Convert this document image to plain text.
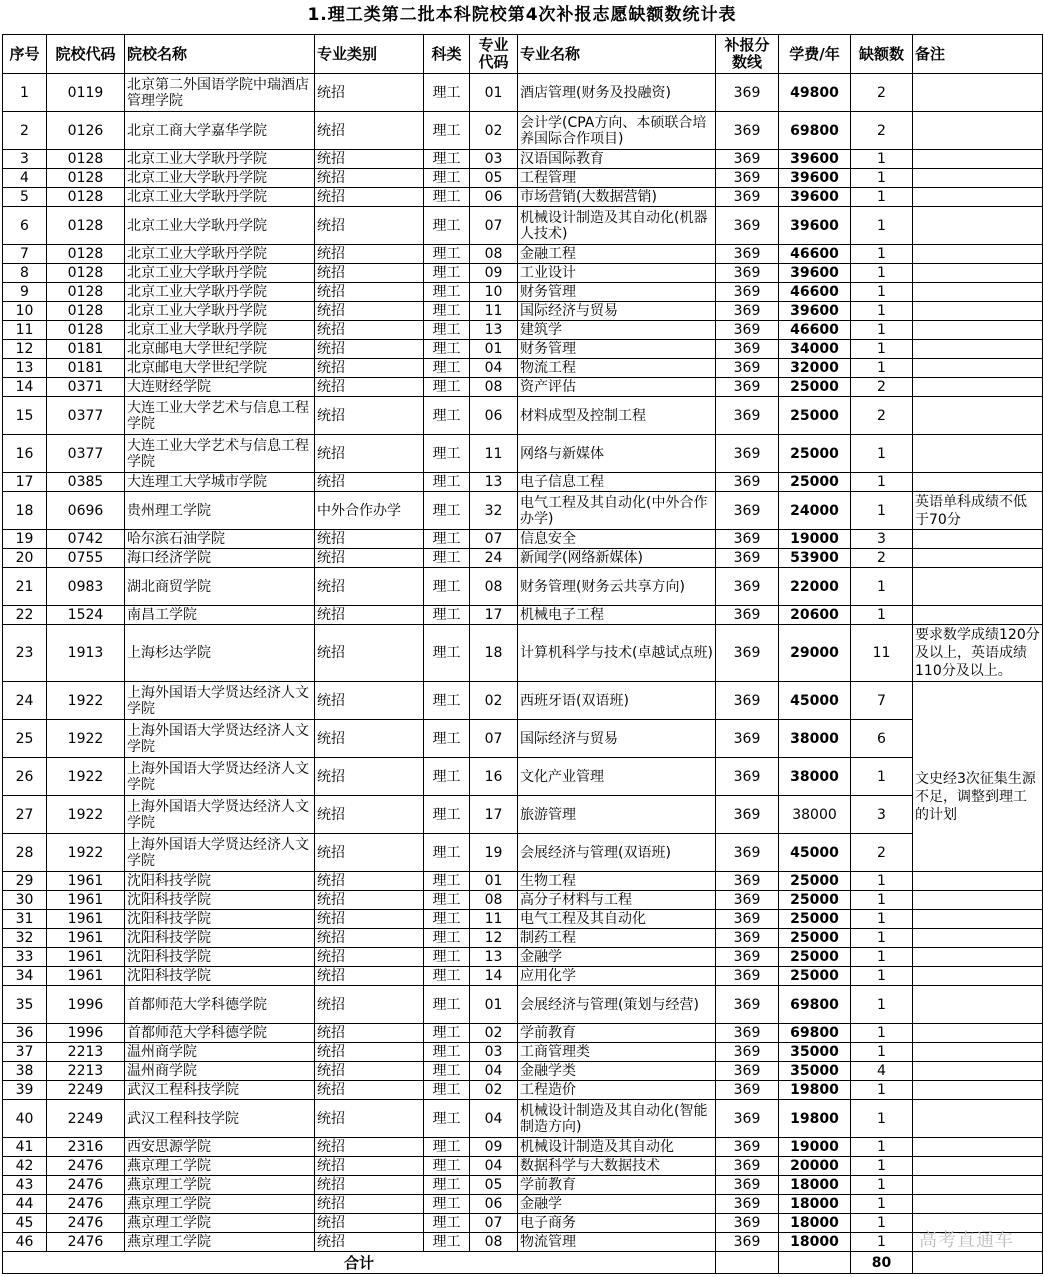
1.理工类第二批本科院校第4次补报志愿缺额数统计表
序号	院校代码	院校名称	专业类别	科类	专业代码	专业名称	补报分数线	学费/年	缺额数	备注
1	0119	北京第二外国语学院中瑞酒店管理学院	统招	理工	01	酒店管理(财务及投融资)	369	49800	2	
2	0126	北京工商大学嘉华学院	统招	理工	02	会计学(CPA方向、本硕联合培养国际合作项目)	369	69800	2	
3	0128	北京工业大学耿丹学院	统招	理工	03	汉语国际教育	369	39600	1	
4	0128	北京工业大学耿丹学院	统招	理工	05	工程管理	369	39600	1	
5	0128	北京工业大学耿丹学院	统招	理工	06	市场营销(大数据营销)	369	39600	1	
6	0128	北京工业大学耿丹学院	统招	理工	07	机械设计制造及其自动化(机器人技术)	369	39600	1	
7	0128	北京工业大学耿丹学院	统招	理工	08	金融工程	369	46600	1	
8	0128	北京工业大学耿丹学院	统招	理工	09	工业设计	369	39600	1	
9	0128	北京工业大学耿丹学院	统招	理工	10	财务管理	369	46600	1	
10	0128	北京工业大学耿丹学院	统招	理工	11	国际经济与贸易	369	39600	1	
11	0128	北京工业大学耿丹学院	统招	理工	13	建筑学	369	46600	1	
12	0181	北京邮电大学世纪学院	统招	理工	01	财务管理	369	34000	1	
13	0181	北京邮电大学世纪学院	统招	理工	04	物流工程	369	32000	1	
14	0371	大连财经学院	统招	理工	08	资产评估	369	25000	2	
15	0377	大连工业大学艺术与信息工程学院	统招	理工	06	材料成型及控制工程	369	25000	2	
16	0377	大连工业大学艺术与信息工程学院	统招	理工	11	网络与新媒体	369	25000	1	
17	0385	大连理工大学城市学院	统招	理工	13	电子信息工程	369	25000	1	
18	0696	贵州理工学院	中外合作办学	理工	32	电气工程及其自动化(中外合作办学)	369	24000	1	英语单科成绩不低于70分
19	0742	哈尔滨石油学院	统招	理工	07	信息安全	369	19000	3	
20	0755	海口经济学院	统招	理工	24	新闻学(网络新媒体)	369	53900	2	
21	0983	湖北商贸学院	统招	理工	08	财务管理(财务云共享方向)	369	22000	1	
22	1524	南昌工学院	统招	理工	17	机械电子工程	369	20600	1	
23	1913	上海杉达学院	统招	理工	18	计算机科学与技术(卓越试点班)	369	29000	11	要求数学成绩120分及以上，英语成绩110分及以上。
24	1922	上海外国语大学贤达经济人文学院	统招	理工	02	西班牙语(双语班)	369	45000	7	文史经3次征集生源不足，调整到理工的计划
25	1922	上海外国语大学贤达经济人文学院	统招	理工	07	国际经济与贸易	369	38000	6	
26	1922	上海外国语大学贤达经济人文学院	统招	理工	16	文化产业管理	369	38000	1	
27	1922	上海外国语大学贤达经济人文学院	统招	理工	17	旅游管理	369	38000	3	
28	1922	上海外国语大学贤达经济人文学院	统招	理工	19	会展经济与管理(双语班)	369	45000	2	
29	1961	沈阳科技学院	统招	理工	01	生物工程	369	25000	1	
30	1961	沈阳科技学院	统招	理工	08	高分子材料与工程	369	25000	1	
31	1961	沈阳科技学院	统招	理工	11	电气工程及其自动化	369	25000	1	
32	1961	沈阳科技学院	统招	理工	12	制药工程	369	25000	1	
33	1961	沈阳科技学院	统招	理工	13	金融学	369	25000	1	
34	1961	沈阳科技学院	统招	理工	14	应用化学	369	25000	1	
35	1996	首都师范大学科德学院	统招	理工	01	会展经济与管理(策划与经营)	369	69800	1	
36	1996	首都师范大学科德学院	统招	理工	02	学前教育	369	69800	1	
37	2213	温州商学院	统招	理工	03	工商管理类	369	35000	1	
38	2213	温州商学院	统招	理工	04	金融学类	369	35000	4	
39	2249	武汉工程科技学院	统招	理工	02	工程造价	369	19800	1	
40	2249	武汉工程科技学院	统招	理工	04	机械设计制造及其自动化(智能制造方向)	369	19800	1	
41	2316	西安思源学院	统招	理工	09	机械设计制造及其自动化	369	19000	1	
42	2476	燕京理工学院	统招	理工	04	数据科学与大数据技术	369	20000	1	
43	2476	燕京理工学院	统招	理工	05	学前教育	369	18000	1	
44	2476	燕京理工学院	统招	理工	06	金融学	369	18000	1	
45	2476	燕京理工学院	统招	理工	07	电子商务	369	18000	1	
46	2476	燕京理工学院	统招	理工	08	物流管理	369	18000	1	
合计									80	
高考直通车
